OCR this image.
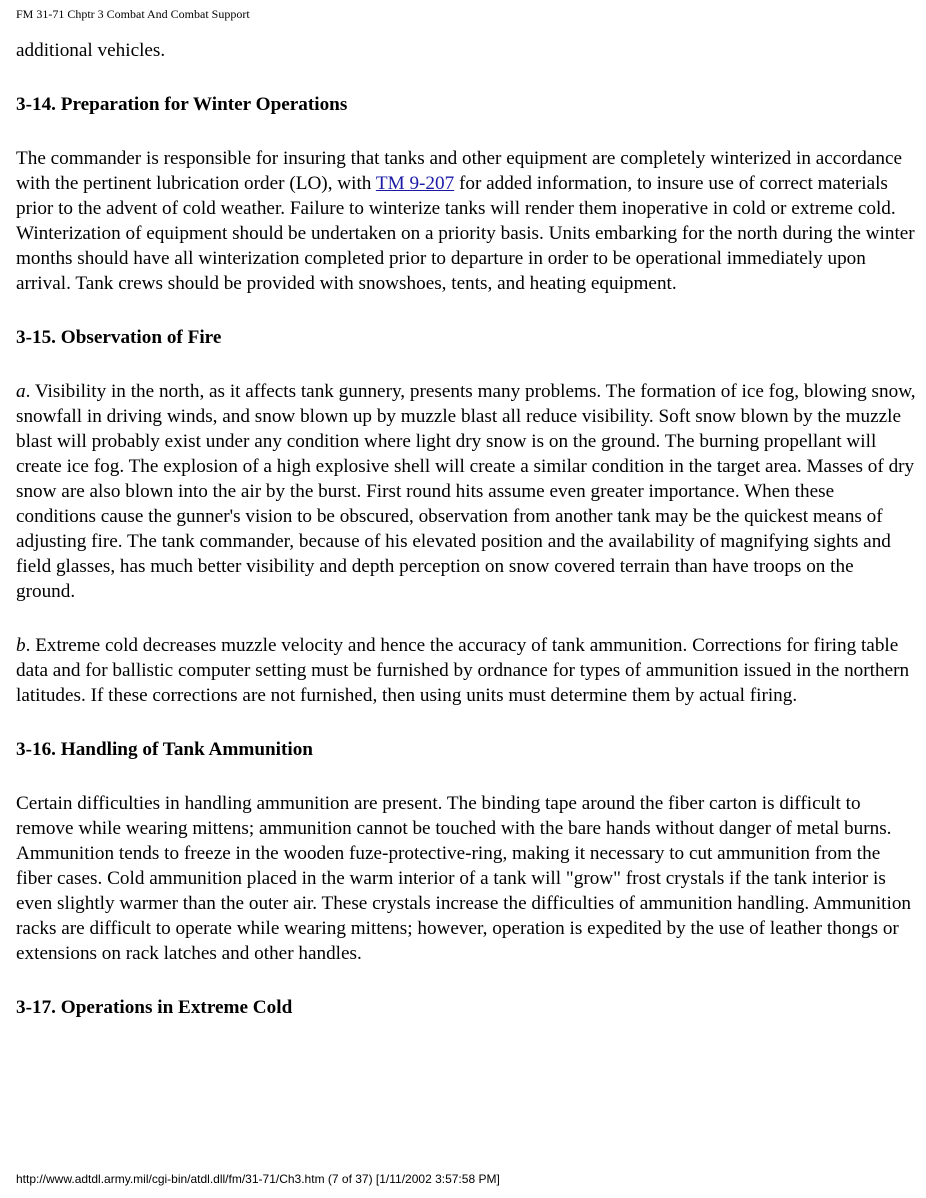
FM 31-71 Chptr 3 Combat And Combat Support

additional vehicles.

3-14. Preparation for Winter Operations

The commander is responsible for insuring that tanks and other equipment are completely winterized in accordance with the pertinent lubrication order (LO), with TM 9-207 for added information, to insure use of correct materials prior to the advent of cold weather. Failure to winterize tanks will render them inoperative in cold or extreme cold. Winterization of equipment should be undertaken on a priority basis. Units embarking for the north during the winter months should have all winterization completed prior to departure in order to be operational immediately upon arrival. Tank crews should be provided with snowshoes, tents, and heating equipment.

3-15. Observation of Fire

a. Visibility in the north, as it affects tank gunnery, presents many problems. The formation of ice fog, blowing snow, snowfall in driving winds, and snow blown up by muzzle blast all reduce visibility. Soft snow blown by the muzzle blast will probably exist under any condition where light dry snow is on the ground. The burning propellant will create ice fog. The explosion of a high explosive shell will create a similar condition in the target area. Masses of dry snow are also blown into the air by the burst. First round hits assume even greater importance. When these conditions cause the gunner's vision to be obscured, observation from another tank may be the quickest means of adjusting fire. The tank commander, because of his elevated position and the availability of magnifying sights and field glasses, has much better visibility and depth perception on snow covered terrain than have troops on the ground.

b. Extreme cold decreases muzzle velocity and hence the accuracy of tank ammunition. Corrections for firing table data and for ballistic computer setting must be furnished by ordnance for types of ammunition issued in the northern latitudes. If these corrections are not furnished, then using units must determine them by actual firing.

3-16. Handling of Tank Ammunition

Certain difficulties in handling ammunition are present. The binding tape around the fiber carton is difficult to remove while wearing mittens; ammunition cannot be touched with the bare hands without danger of metal burns. Ammunition tends to freeze in the wooden fuze-protective-ring, making it necessary to cut ammunition from the fiber cases. Cold ammunition placed in the warm interior of a tank will "grow" frost crystals if the tank interior is even slightly warmer than the outer air. These crystals increase the difficulties of ammunition handling. Ammunition racks are difficult to operate while wearing mittens; however, operation is expedited by the use of leather thongs or extensions on rack latches and other handles.

3-17. Operations in Extreme Cold
http://www.adtdl.army.mil/cgi-bin/atdl.dll/fm/31-71/Ch3.htm (7 of 37) [1/11/2002 3:57:58 PM]
